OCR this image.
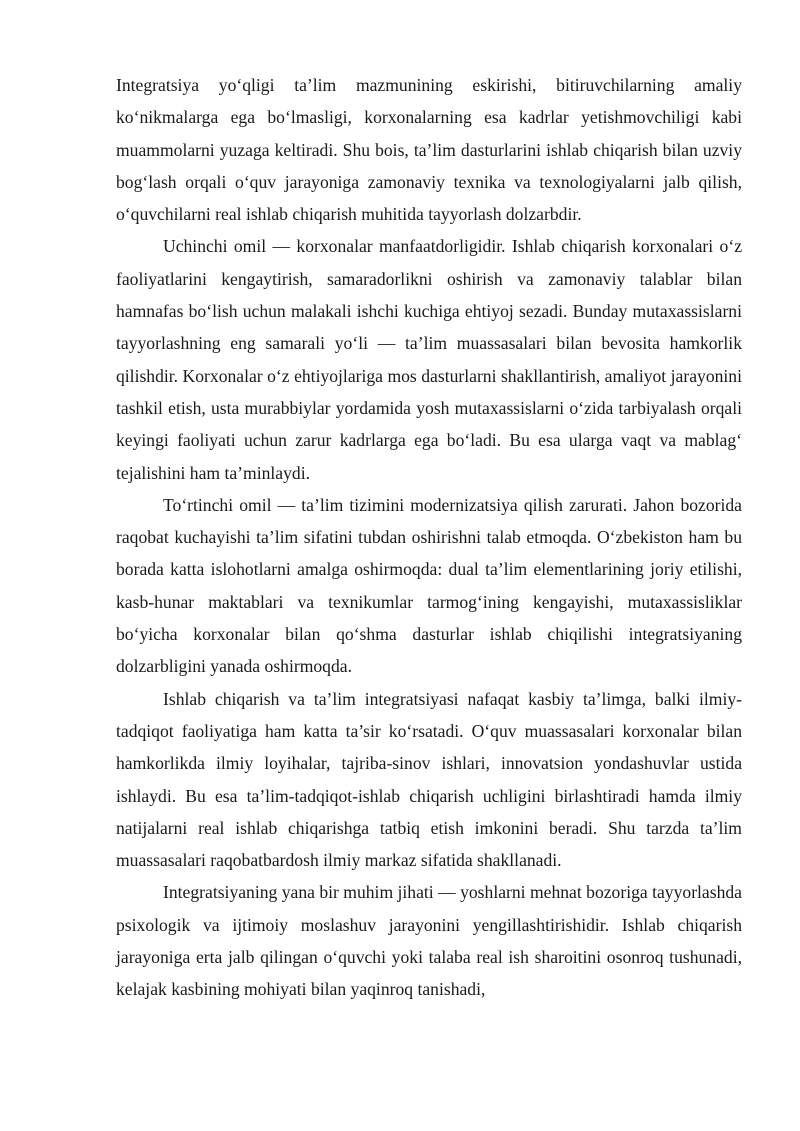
Integratsiya yo‘qligi ta’lim mazmunining eskirishi, bitiruvchilarning amaliy ko‘nikmalarga ega bo‘lmasligi, korxonalarning esa kadrlar yetishmovchiligi kabi muammolarni yuzaga keltiradi. Shu bois, ta’lim dasturlarini ishlab chiqarish bilan uzviy bog‘lash orqali o‘quv jarayoniga zamonaviy texnika va texnologiyalarni jalb qilish, o‘quvchilarni real ishlab chiqarish muhitida tayyorlash dolzarbdir.

Uchinchi omil — korxonalar manfaatdorligidir. Ishlab chiqarish korxonalari o‘z faoliyatlarini kengaytirish, samaradorlikni oshirish va zamonaviy talablar bilan hamnafas bo‘lish uchun malakali ishchi kuchiga ehtiyoj sezadi. Bunday mutaxassislarni tayyorlashning eng samarali yo‘li — ta’lim muassasalari bilan bevosita hamkorlik qilishdir. Korxonalar o‘z ehtiyojlariga mos dasturlarni shakllantirish, amaliyot jarayonini tashkil etish, usta murabbiylar yordamida yosh mutaxassislarni o‘zida tarbiyalash orqali keyingi faoliyati uchun zarur kadrlarga ega bo‘ladi. Bu esa ularga vaqt va mablag‘ tejalishini ham ta’minlaydi.

To‘rtinchi omil — ta’lim tizimini modernizatsiya qilish zarurati. Jahon bozorida raqobat kuchayishi ta’lim sifatini tubdan oshirishni talab etmoqda. O‘zbekiston ham bu borada katta islohotlarni amalga oshirmoqda: dual ta’lim elementlarining joriy etilishi, kasb-hunar maktablari va texnikumlar tarmog‘ining kengayishi, mutaxassisliklar bo‘yicha korxonalar bilan qo‘shma dasturlar ishlab chiqilishi integratsiyaning dolzarbligini yanada oshirmoqda.

Ishlab chiqarish va ta’lim integratsiyasi nafaqat kasbiy ta’limga, balki ilmiy-tadqiqot faoliyatiga ham katta ta’sir ko‘rsatadi. O‘quv muassasalari korxonalar bilan hamkorlikda ilmiy loyihalar, tajriba-sinov ishlari, innovatsion yondashuvlar ustida ishlaydi. Bu esa ta’lim-tadqiqot-ishlab chiqarish uchligini birlashtiradi hamda ilmiy natijalarni real ishlab chiqarishga tatbiq etish imkonini beradi. Shu tarzda ta’lim muassasalari raqobatbardosh ilmiy markaz sifatida shakllanadi.

Integratsiyaning yana bir muhim jihati — yoshlarni mehnat bozoriga tayyorlashda psixologik va ijtimoiy moslashuv jarayonini yengillashtirishidir. Ishlab chiqarish jarayoniga erta jalb qilingan o‘quvchi yoki talaba real ish sharoitini osonroq tushunadi, kelajak kasbining mohiyati bilan yaqinroq tanishadi,
